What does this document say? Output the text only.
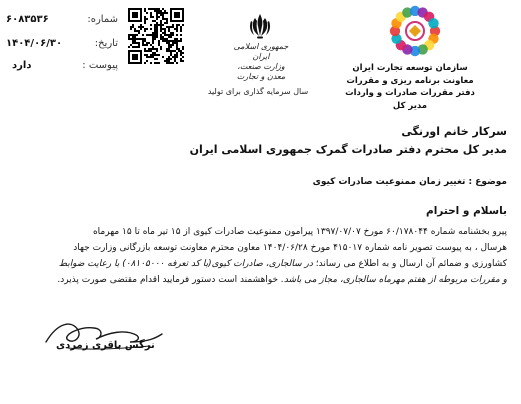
شماره:
۶۰۸۳۵۳۶
تاریخ:
۱۴۰۴/۰۶/۳۰
پیوست :
دارد
جمهوری اسلامی ایران
وزارت صنعت، معدن و تجارت
سال سرمایه گذاری برای تولید
سازمان توسعه تجارت ایران
معاونت برنامه ریزی و مقررات
دفتر مقررات صادرات و واردات
مدیر کل
سرکار خانم اورنگی
مدیر کل محترم دفتر صادرات گمرک جمهوری اسلامی ایران
موضوع : تغییر زمان ممنوعیت صادرات کیوی
باسلام و احترام
پیرو بخشنامه شماره ۶۰/۱۷۸۰۴۴ مورخ ۱۳۹۷/۰۷/۰۷ پیرامون ممنوعیت صادرات کیوی از ۱۵ تیر ماه تا ۱۵ مهرماه
هرسال ، به پیوست تصویر نامه شماره ۴۱۵۰۱۷ مورخ ۱۴۰۴/۰۶/۲۸ معاون محترم معاونت توسعه بازرگانی وزارت جهاد
کشاورزی و ضمائم آن ارسال و به اطلاع می رساند؛ در سالجاری، صادرات کیوی(با کد تعرفه ۰۸۱۰۵۰۰۰) با رعایت ضوابط
و مقررات مربوطه از هفتم مهرماه سالجاری، مجاز می باشد. خواهشمند است دستور فرمایید اقدام مقتضی صورت پذیرد.
نرگس باقری زمردی
